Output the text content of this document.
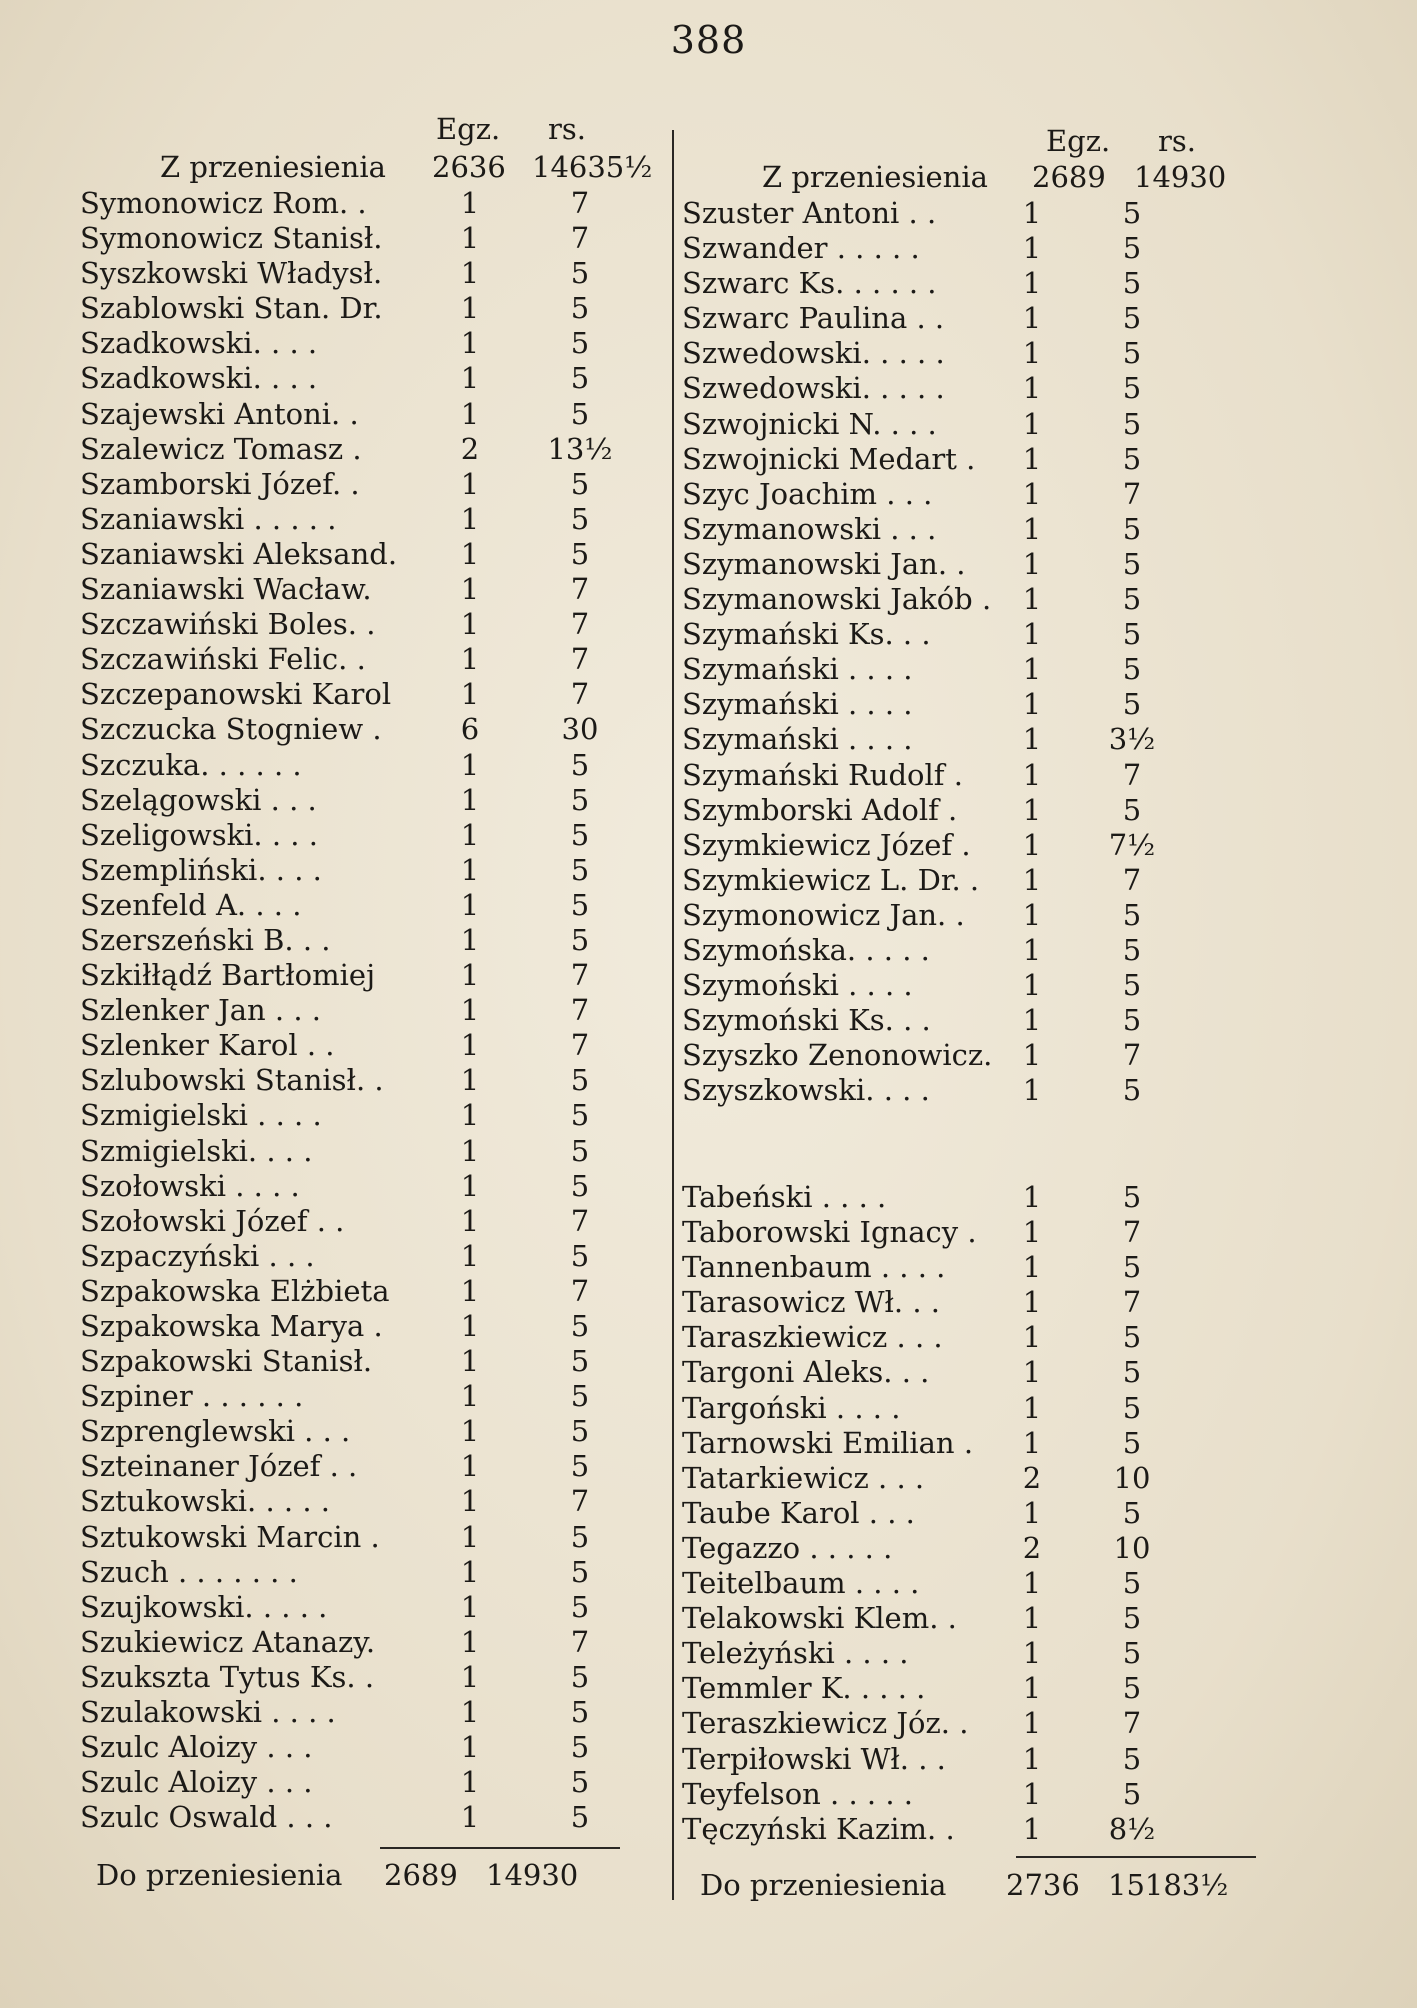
388
Egz. rs.
Z przeniesienia 2636 14635½
Symonowicz Rom. .	1	7
Symonowicz Stanisł.	1	7
Syszkowski Władysł.	1	5
Szablowski Stan. Dr.	1	5
Szadkowski. . . .	1	5
Szadkowski. . . .	1	5
Szajewski Antoni. .	1	5
Szalewicz Tomasz .	2	13½
Szamborski Józef. .	1	5
Szaniawski . . . . .	1	5
Szaniawski Aleksand.	1	5
Szaniawski Wacław.	1	7
Szczawiński Boles. .	1	7
Szczawiński Felic. .	1	7
Szczepanowski Karol	1	7
Szczucka Stogniew .	6	30
Szczuka. . . . . .	1	5
Szelągowski . . .	1	5
Szeligowski. . . .	1	5
Szempliński. . . .	1	5
Szenfeld A. . . .	1	5
Szerszeński B. . .	1	5
Szkiłłądź Bartłomiej	1	7
Szlenker Jan . . .	1	7
Szlenker Karol . .	1	7
Szlubowski Stanisł. .	1	5
Szmigielski . . . .	1	5
Szmigielski. . . .	1	5
Szołowski . . . .	1	5
Szołowski Józef . .	1	7
Szpaczyński . . .	1	5
Szpakowska Elżbieta	1	7
Szpakowska Marya .	1	5
Szpakowski Stanisł.	1	5
Szpiner . . . . . .	1	5
Szprenglewski . . .	1	5
Szteinaner Józef . .	1	5
Sztukowski. . . . .	1	7
Sztukowski Marcin .	1	5
Szuch . . . . . . .	1	5
Szujkowski. . . . .	1	5
Szukiewicz Atanazy.	1	7
Szukszta Tytus Ks. .	1	5
Szulakowski . . . .	1	5
Szulc Aloizy . . .	1	5
Szulc Aloizy . . .	1	5
Szulc Oswald . . .	1	5
Do przeniesienia 2689 14930
Egz. rs.
Z przeniesienia 2689 14930
Szuster Antoni . .	1	5
Szwander . . . . .	1	5
Szwarc Ks. . . . . .	1	5
Szwarc Paulina . .	1	5
Szwedowski. . . . .	1	5
Szwedowski. . . . .	1	5
Szwojnicki N. . . .	1	5
Szwojnicki Medart .	1	5
Szyc Joachim . . .	1	7
Szymanowski . . .	1	5
Szymanowski Jan. .	1	5
Szymanowski Jakób .	1	5
Szymański Ks. . .	1	5
Szymański . . . .	1	5
Szymański . . . .	1	5
Szymański . . . .	1	3½
Szymański Rudolf .	1	7
Szymborski Adolf .	1	5
Szymkiewicz Józef .	1	7½
Szymkiewicz L. Dr. .	1	7
Szymonowicz Jan. .	1	5
Szymońska. . . . .	1	5
Szymoński . . . .	1	5
Szymoński Ks. . .	1	5
Szyszko Zenonowicz.	1	7
Szyszkowski. . . .	1	5
Tabeński . . . .	1	5
Taborowski Ignacy .	1	7
Tannenbaum . . . .	1	5
Tarasowicz Wł. . .	1	7
Taraszkiewicz . . .	1	5
Targoni Aleks. . .	1	5
Targoński . . . .	1	5
Tarnowski Emilian .	1	5
Tatarkiewicz . . .	2	10
Taube Karol . . .	1	5
Tegazzo . . . . .	2	10
Teitelbaum . . . .	1	5
Telakowski Klem. .	1	5
Teleżyński . . . .	1	5
Temmler K. . . . .	1	5
Teraszkiewicz Józ. .	1	7
Terpiłowski Wł. . .	1	5
Teyfelson . . . . .	1	5
Tęczyński Kazim. .	1	8½
Do przeniesienia 2736 15183½
